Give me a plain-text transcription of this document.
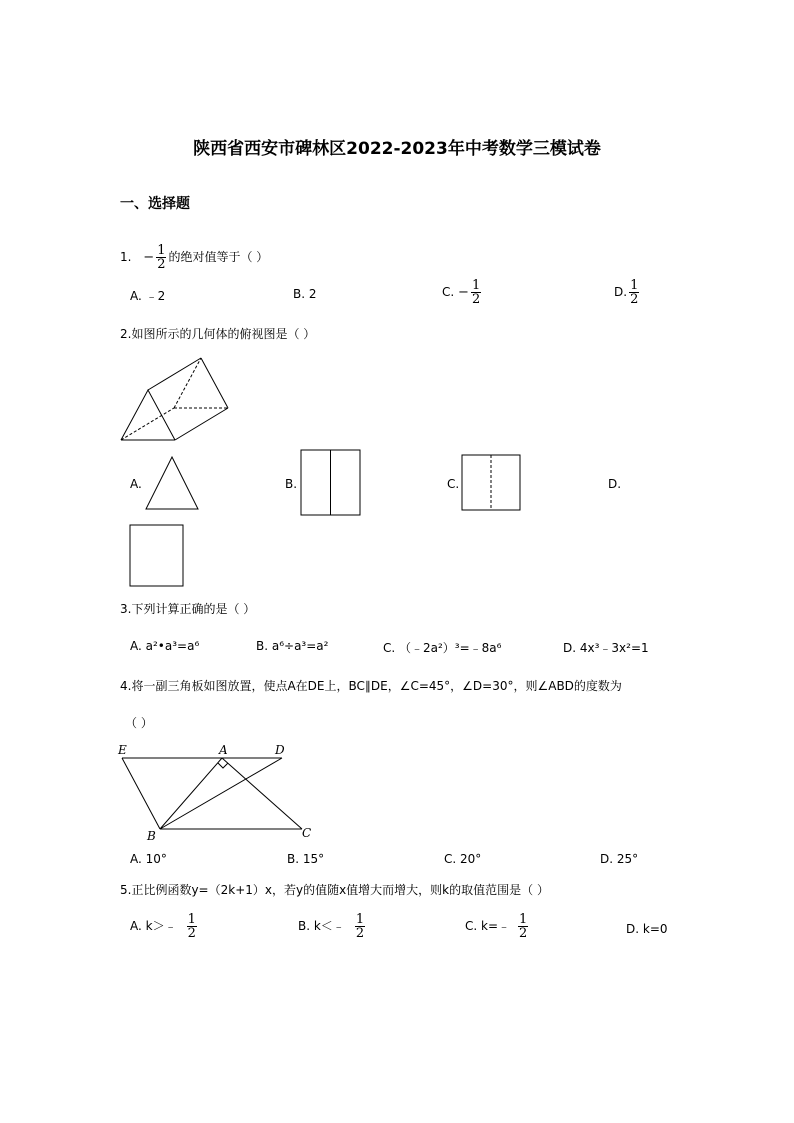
陕西省西安市碑林区2022-2023年中考数学三模试卷
一、选择题
1. − $\frac{1}{2}$ 的绝对值等于（ ）
A. ﹣2	B. 2	C. − $\frac{1}{2}$	D. $\frac{1}{2}$
2.如图所示的几何体的俯视图是（ ）
A.	B.	C.	D.
3.下列计算正确的是（ ）
A. a²•a³=a⁶	B. a⁶÷a³=a²	C. （﹣2a²）³=﹣8a⁶	D. 4x³﹣3x²=1
4.将一副三角板如图放置，使点A在DE上，BC∥DE，∠C=45°，∠D=30°，则∠ABD的度数为
（ ）
E	A	D
B	C
A. 10°	B. 15°	C. 20°	D. 25°
5.正比例函数y=（2k+1）x，若y的值随x值增大而增大，则k的取值范围是（ ）
A. k＞﹣ $\frac{1}{2}$	B. k＜﹣ $\frac{1}{2}$	C. k=﹣ $\frac{1}{2}$	D. k=0
